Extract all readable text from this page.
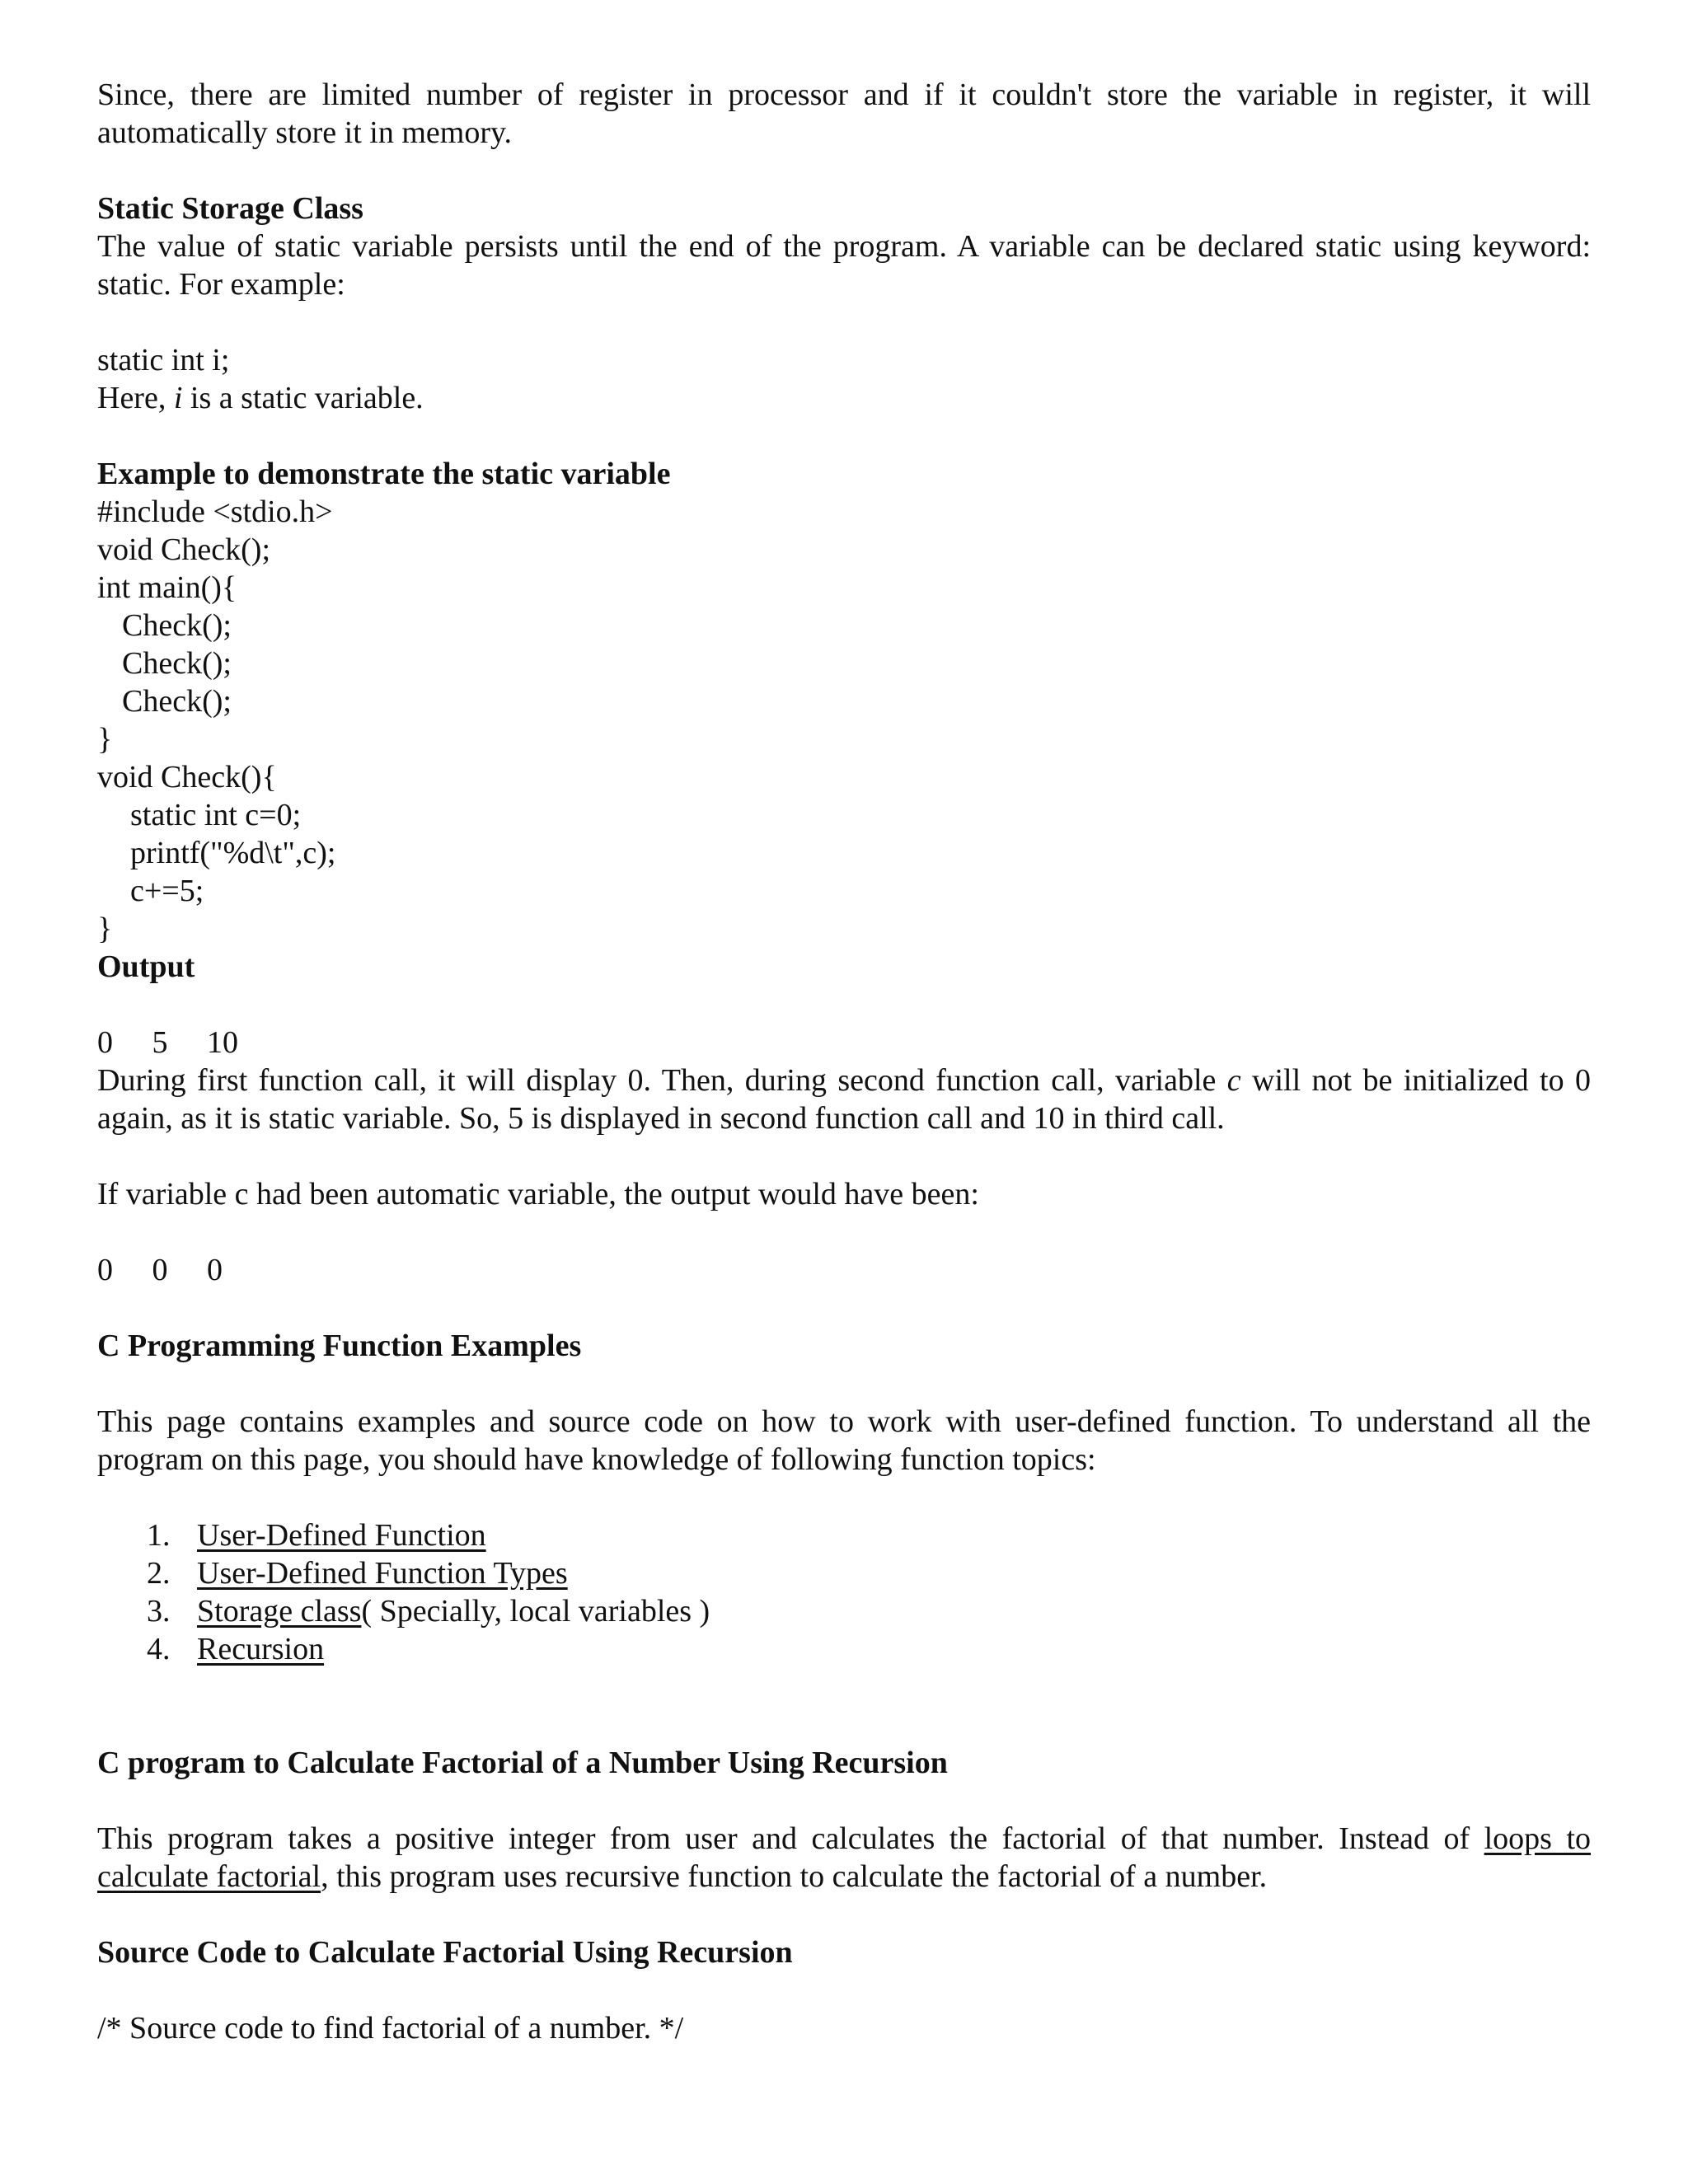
Since, there are limited number of register in processor and if it couldn't store the variable in register, it will automatically store it in memory.

Static Storage Class

The value of static variable persists until the end of the program. A variable can be declared static using keyword: static. For example:

static int i;

Here, i is a static variable.

Example to demonstrate the static variable

#include <stdio.h>

void Check();

int main(){

Check();

Check();

Check();

}

void Check(){

static int c=0;

printf("%d\t",c);

c+=5;

}

Output

0     5     10

During first function call, it will display 0. Then, during second function call, variable c will not be initialized to 0 again, as it is static variable. So, 5 is displayed in second function call and 10 in third call.

If variable c had been automatic variable, the output would have been:

0     0     0

C Programming Function Examples

This page contains examples and source code on how to work with user-defined function. To understand all the program on this page, you should have knowledge of following function topics:

1. User-Defined Function
2. User-Defined Function Types
3. Storage class( Specially, local variables )
4. Recursion

C program to Calculate Factorial of a Number Using Recursion

This program takes a positive integer from user and calculates the factorial of that number. Instead of loops to calculate factorial, this program uses recursive function to calculate the factorial of a number.

Source Code to Calculate Factorial Using Recursion

/* Source code to find factorial of a number. */
